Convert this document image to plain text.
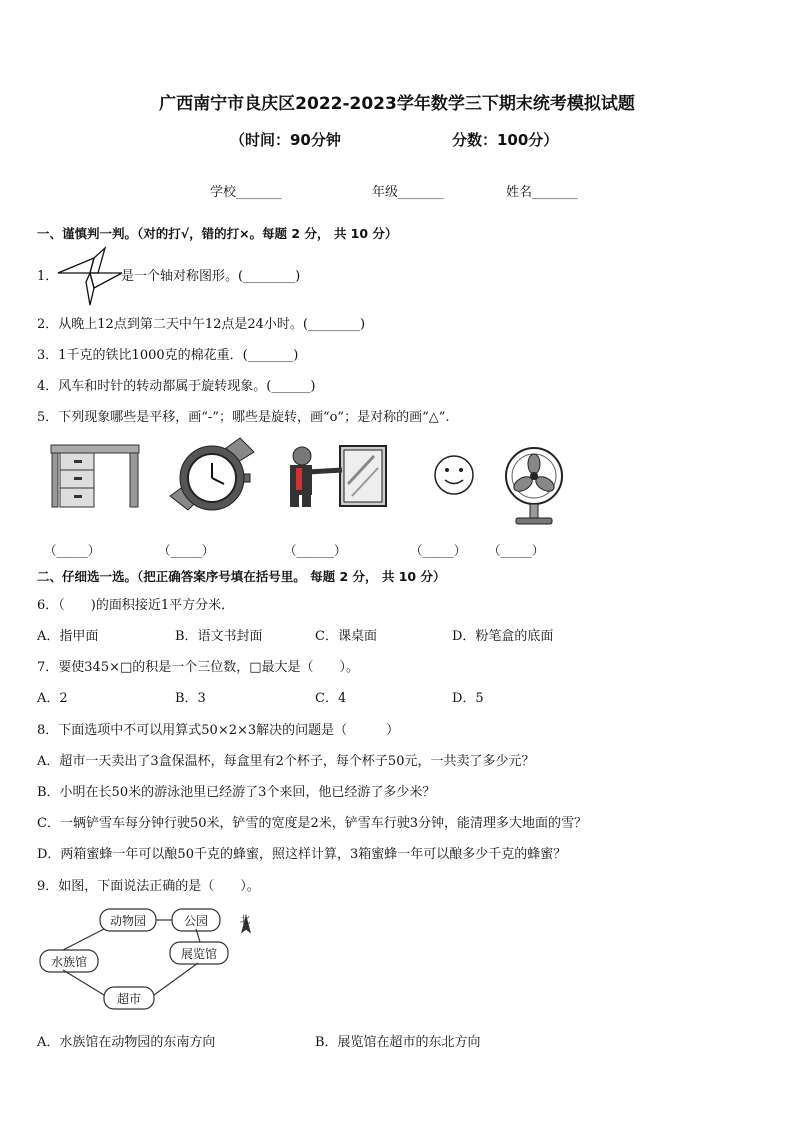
广西南宁市良庆区2022-2023学年数学三下期末统考模拟试题
（时间：90分钟	分数：100分）
学校_______	年级_______	姓名_______
一、谨慎判一判。（对的打√，错的打×。每题 2 分， 共 10 分）
1．	是一个轴对称图形。(________)
2．从晚上12点到第二天中午12点是24小时。(________)
3．1千克的铁比1000克的棉花重．(_______)
4．风车和时针的转动都属于旋转现象。(______)
5．下列现象哪些是平移，画“-”；哪些是旋转，画“o”；是对称的画“△”.
（_____）	（_____）	（______）	（_____） （_____）
二、仔细选一选。（把正确答案序号填在括号里。 每题 2 分， 共 10 分）
6．（　　)的面积接近1平方分米．
A．指甲面	B．语文书封面	C．课桌面	D．粉笔盒的底面
7．要使345×□的积是一个三位数，□最大是（　　）。
A．2	B．3	C．4	D．5
8．下面选项中不可以用算式50×2×3解决的问题是（　　　）
A．超市一天卖出了3盒保温杯，每盒里有2个杯子，每个杯子50元，一共卖了多少元？
B．小明在长50米的游泳池里已经游了3个来回，他已经游了多少米？
C．一辆铲雪车每分钟行驶50米，铲雪的宽度是2米，铲雪车行驶3分钟，能清理多大地面的雪？
D．两箱蜜蜂一年可以酿50千克的蜂蜜，照这样计算，3箱蜜蜂一年可以酿多少千克的蜂蜜？
9．如图，下面说法正确的是（　　）。
动物园	公园
展览馆
水族馆
超市
北
A．水族馆在动物园的东南方向	B．展览馆在超市的东北方向
